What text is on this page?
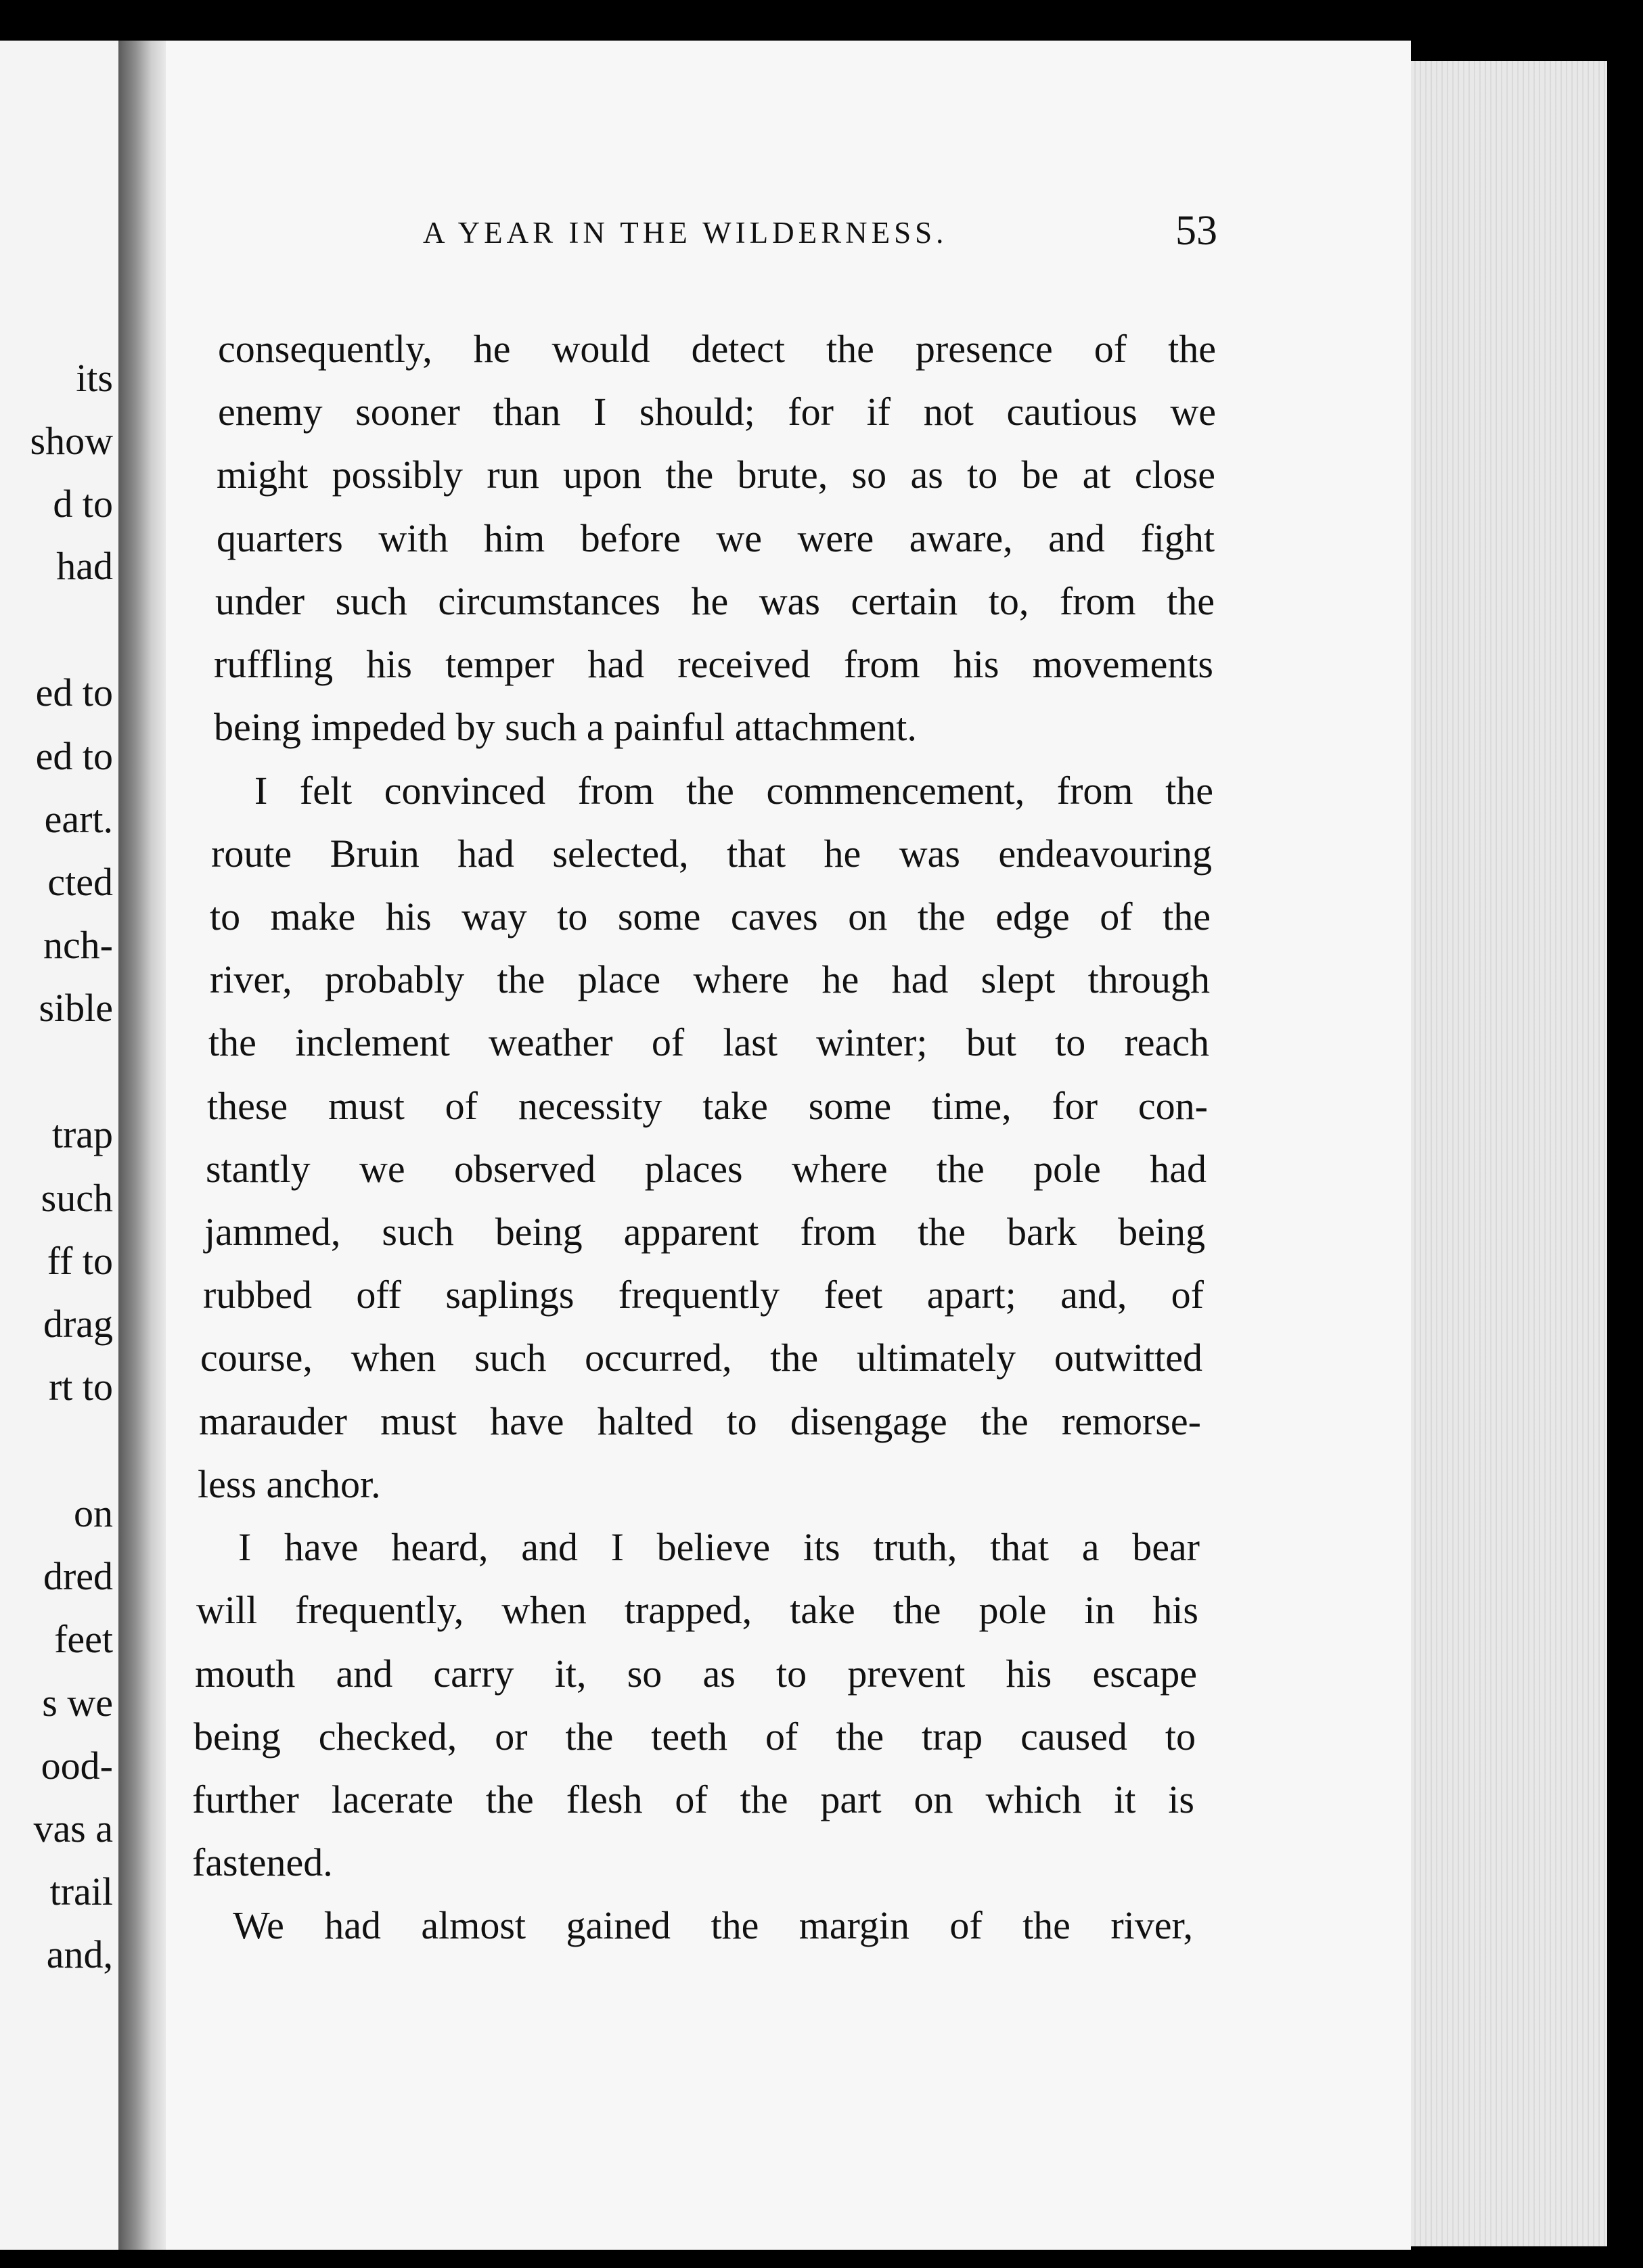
its

show

d to

had

ed to

ed to

eart.

cted

nch-

sible

trap

such

ff to

drag

rt to

on

dred

feet

s we

ood-

vas a

trail

and,

A YEAR IN THE WILDERNESS.	53

consequently, he would detect the presence of the

enemy sooner than I should; for if not cautious we

might possibly run upon the brute, so as to be at close

quarters with him before we were aware, and fight

under such circumstances he was certain to, from the

ruffling his temper had received from his movements

being impeded by such a painful attachment.

I felt convinced from the commencement, from the

route Bruin had selected, that he was endeavouring

to make his way to some caves on the edge of the

river, probably the place where he had slept through

the inclement weather of last winter; but to reach

these must of necessity take some time, for con-

stantly we observed places where the pole had

jammed, such being apparent from the bark being

rubbed off saplings frequently feet apart; and, of

course, when such occurred, the ultimately outwitted

marauder must have halted to disengage the remorse-

less anchor.

I have heard, and I believe its truth, that a bear

will frequently, when trapped, take the pole in his

mouth and carry it, so as to prevent his escape

being checked, or the teeth of the trap caused to

further lacerate the flesh of the part on which it is

fastened.

We had almost gained the margin of the river,
